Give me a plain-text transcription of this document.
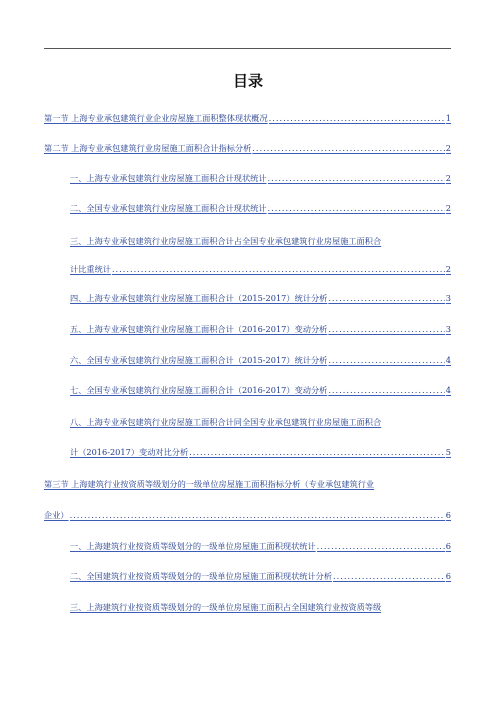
目录
第一节 上海专业承包建筑行业企业房屋施工面积整体现状概况 .....	1
第二节 上海专业承包建筑行业房屋施工面积合计指标分析 .....	2
一、上海专业承包建筑行业房屋施工面积合计现状统计 .....	2
二、全国专业承包建筑行业房屋施工面积合计现状统计 .....	2
三、上海专业承包建筑行业房屋施工面积合计占全国专业承包建筑行业房屋施工面积合
计比重统计 .....	2
四、上海专业承包建筑行业房屋施工面积合计（2015-2017）统计分析 .....	3
五、上海专业承包建筑行业房屋施工面积合计（2016-2017）变动分析 .....	3
六、全国专业承包建筑行业房屋施工面积合计（2015-2017）统计分析 .....	4
七、全国专业承包建筑行业房屋施工面积合计（2016-2017）变动分析 .....	4
八、上海专业承包建筑行业房屋施工面积合计同全国专业承包建筑行业房屋施工面积合
计（2016-2017）变动对比分析 .....	5
第三节 上海建筑行业按资质等级划分的一级单位房屋施工面积指标分析（专业承包建筑行业
企业） .....	6
一、上海建筑行业按资质等级划分的一级单位房屋施工面积现状统计 .....	6
二、全国建筑行业按资质等级划分的一级单位房屋施工面积现状统计分析 .....	6
三、上海建筑行业按资质等级划分的一级单位房屋施工面积占全国建筑行业按资质等级
